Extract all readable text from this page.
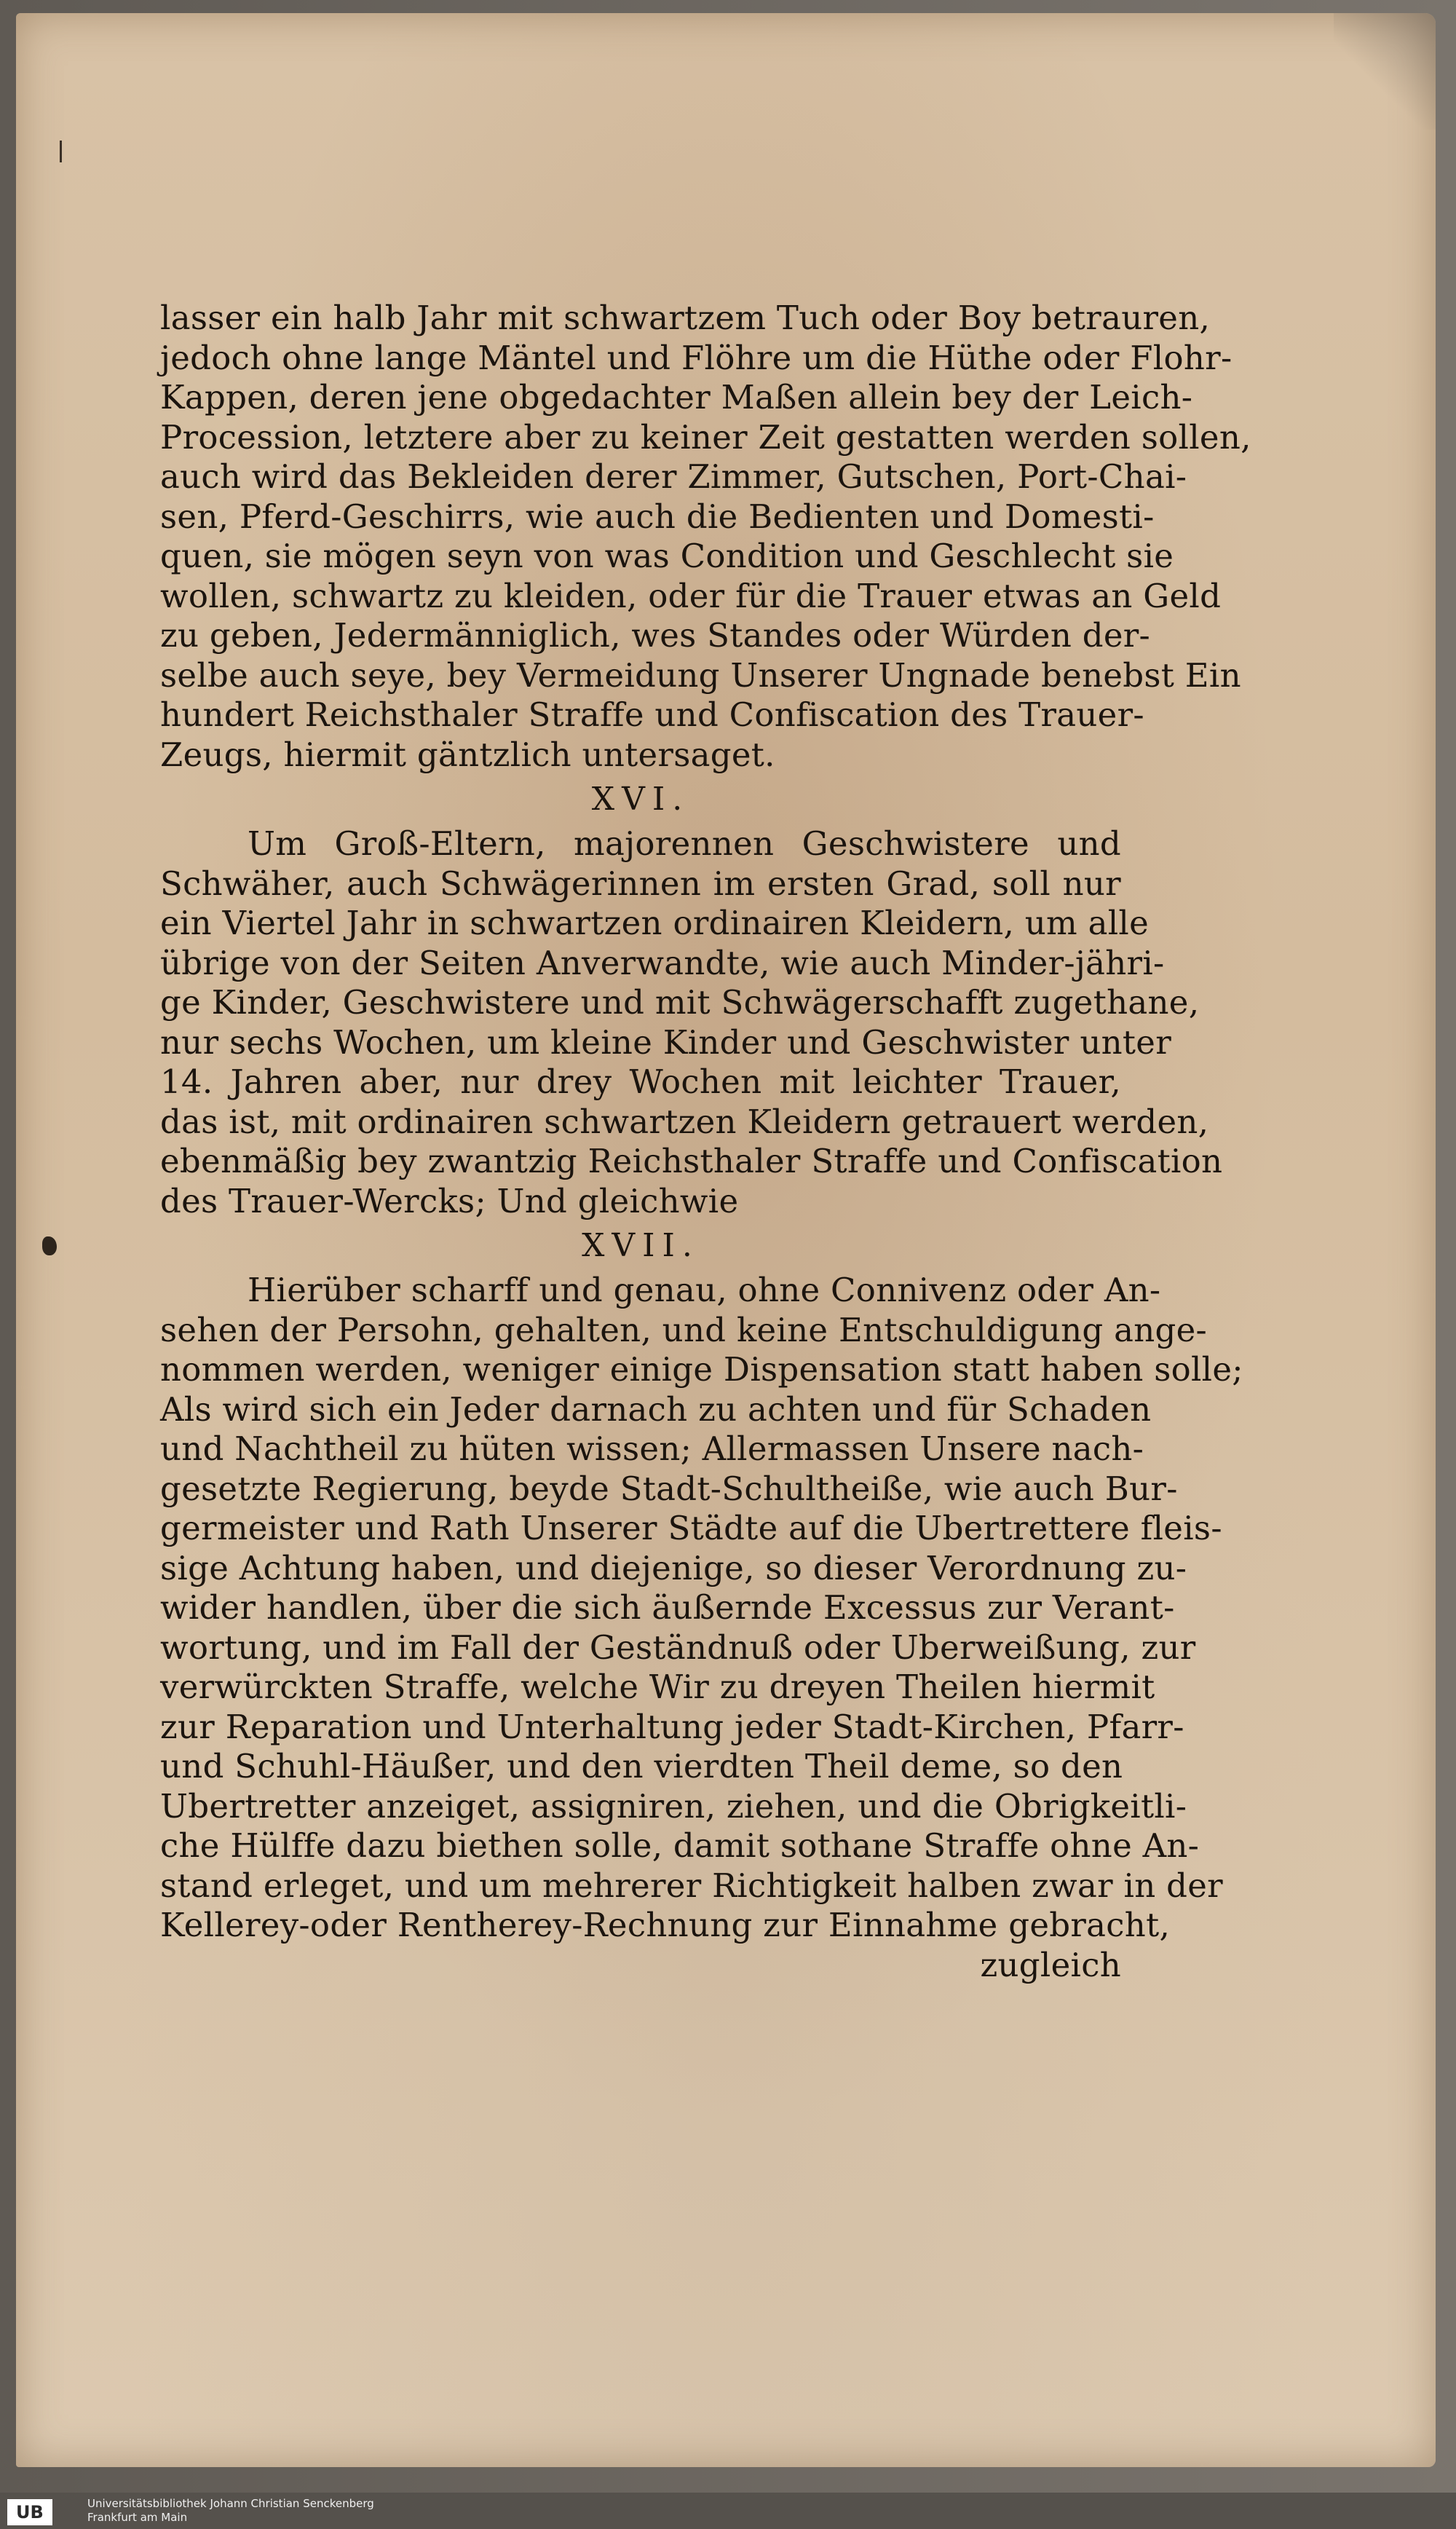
lasser ein halb Jahr mit schwartzem Tuch oder Boy betrauren,
jedoch ohne lange Mäntel und Flöhre um die Hüthe oder Flohr-
Kappen, deren jene obgedachter Maßen allein bey der Leich-
Procession, letztere aber zu keiner Zeit gestatten werden sollen,
auch wird das Bekleiden derer Zimmer, Gutschen, Port-Chai-
sen, Pferd-Geschirrs, wie auch die Bedienten und Domesti-
quen, sie mögen seyn von was Condition und Geschlecht sie
wollen, schwartz zu kleiden, oder für die Trauer etwas an Geld
zu geben, Jedermänniglich, wes Standes oder Würden der-
selbe auch seye, bey Vermeidung Unserer Ungnade benebst Ein
hundert Reichsthaler Straffe und Confiscation des Trauer-
Zeugs, hiermit gäntzlich untersaget.
XVI.
Um Groß-Eltern, majorennen Geschwistere und
Schwäher, auch Schwägerinnen im ersten Grad, soll nur
ein Viertel Jahr in schwartzen ordinairen Kleidern, um alle
übrige von der Seiten Anverwandte, wie auch Minder-jähri-
ge Kinder, Geschwistere und mit Schwägerschafft zugethane,
nur sechs Wochen, um kleine Kinder und Geschwister unter
14. Jahren aber, nur drey Wochen mit leichter Trauer,
das ist, mit ordinairen schwartzen Kleidern getrauert werden,
ebenmäßig bey zwantzig Reichsthaler Straffe und Confiscation
des Trauer-Wercks; Und gleichwie
XVII.
Hierüber scharff und genau, ohne Connivenz oder An-
sehen der Persohn, gehalten, und keine Entschuldigung ange-
nommen werden, weniger einige Dispensation statt haben solle;
Als wird sich ein Jeder darnach zu achten und für Schaden
und Nachtheil zu hüten wissen; Allermassen Unsere nach-
gesetzte Regierung, beyde Stadt-Schultheiße, wie auch Bur-
germeister und Rath Unserer Städte auf die Ubertrettere fleis-
sige Achtung haben, und diejenige, so dieser Verordnung zu-
wider handlen, über die sich äußernde Excessus zur Verant-
wortung, und im Fall der Geständnuß oder Uberweißung, zur
verwürckten Straffe, welche Wir zu dreyen Theilen hiermit
zur Reparation und Unterhaltung jeder Stadt-Kirchen, Pfarr-
und Schuhl-Häußer, und den vierdten Theil deme, so den
Ubertretter anzeiget, assigniren, ziehen, und die Obrigkeitli-
che Hülffe dazu biethen solle, damit sothane Straffe ohne An-
stand erleget, und um mehrerer Richtigkeit halben zwar in der
Kellerey-oder Rentherey-Rechnung zur Einnahme gebracht,
zugleich
UB	Universitätsbibliothek Johann Christian Senckenberg
Frankfurt am Main
